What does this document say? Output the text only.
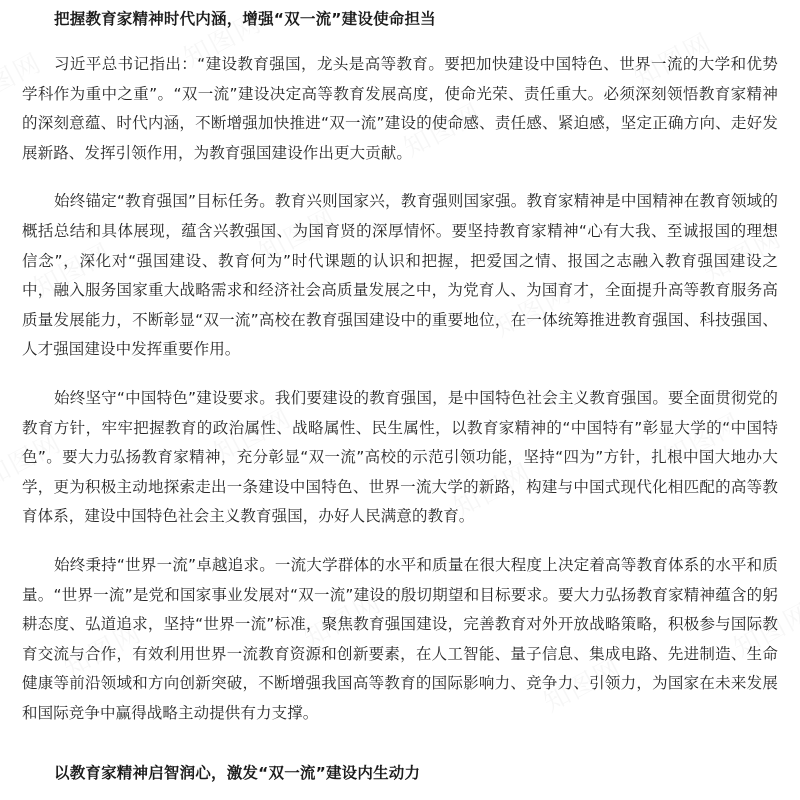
把握教育家精神时代内涵，增强“双一流”建设使命担当

习近平总书记指出：“建设教育强国，龙头是高等教育。要把加快建设中国特色、世界一流的大学和优势学科作为重中之重”。“双一流”建设决定高等教育发展高度，使命光荣、责任重大。必须深刻领悟教育家精神的深刻意蕴、时代内涵，不断增强加快推进“双一流”建设的使命感、责任感、紧迫感，坚定正确方向、走好发展新路、发挥引领作用，为教育强国建设作出更大贡献。

始终锚定“教育强国”目标任务。教育兴则国家兴，教育强则国家强。教育家精神是中国精神在教育领域的概括总结和具体展现，蕴含兴教强国、为国育贤的深厚情怀。要坚持教育家精神“心有大我、至诚报国的理想信念”，深化对“强国建设、教育何为”时代课题的认识和把握，把爱国之情、报国之志融入教育强国建设之中，融入服务国家重大战略需求和经济社会高质量发展之中，为党育人、为国育才，全面提升高等教育服务高质量发展能力，不断彰显“双一流”高校在教育强国建设中的重要地位，在一体统筹推进教育强国、科技强国、人才强国建设中发挥重要作用。

始终坚守“中国特色”建设要求。我们要建设的教育强国，是中国特色社会主义教育强国。要全面贯彻党的教育方针，牢牢把握教育的政治属性、战略属性、民生属性，以教育家精神的“中国特有”彰显大学的“中国特色”。要大力弘扬教育家精神，充分彰显“双一流”高校的示范引领功能，坚持“四为”方针，扎根中国大地办大学，更为积极主动地探索走出一条建设中国特色、世界一流大学的新路，构建与中国式现代化相匹配的高等教育体系，建设中国特色社会主义教育强国，办好人民满意的教育。

始终秉持“世界一流”卓越追求。一流大学群体的水平和质量在很大程度上决定着高等教育体系的水平和质量。“世界一流”是党和国家事业发展对“双一流”建设的殷切期望和目标要求。要大力弘扬教育家精神蕴含的躬耕态度、弘道追求，坚持“世界一流”标准，聚焦教育强国建设，完善教育对外开放战略策略，积极参与国际教育交流与合作，有效利用世界一流教育资源和创新要素，在人工智能、量子信息、集成电路、先进制造、生命健康等前沿领域和方向创新突破，不断增强我国高等教育的国际影响力、竞争力、引领力，为国家在未来发展和国际竞争中赢得战略主动提供有力支撑。

以教育家精神启智润心，激发“双一流”建设内生动力
